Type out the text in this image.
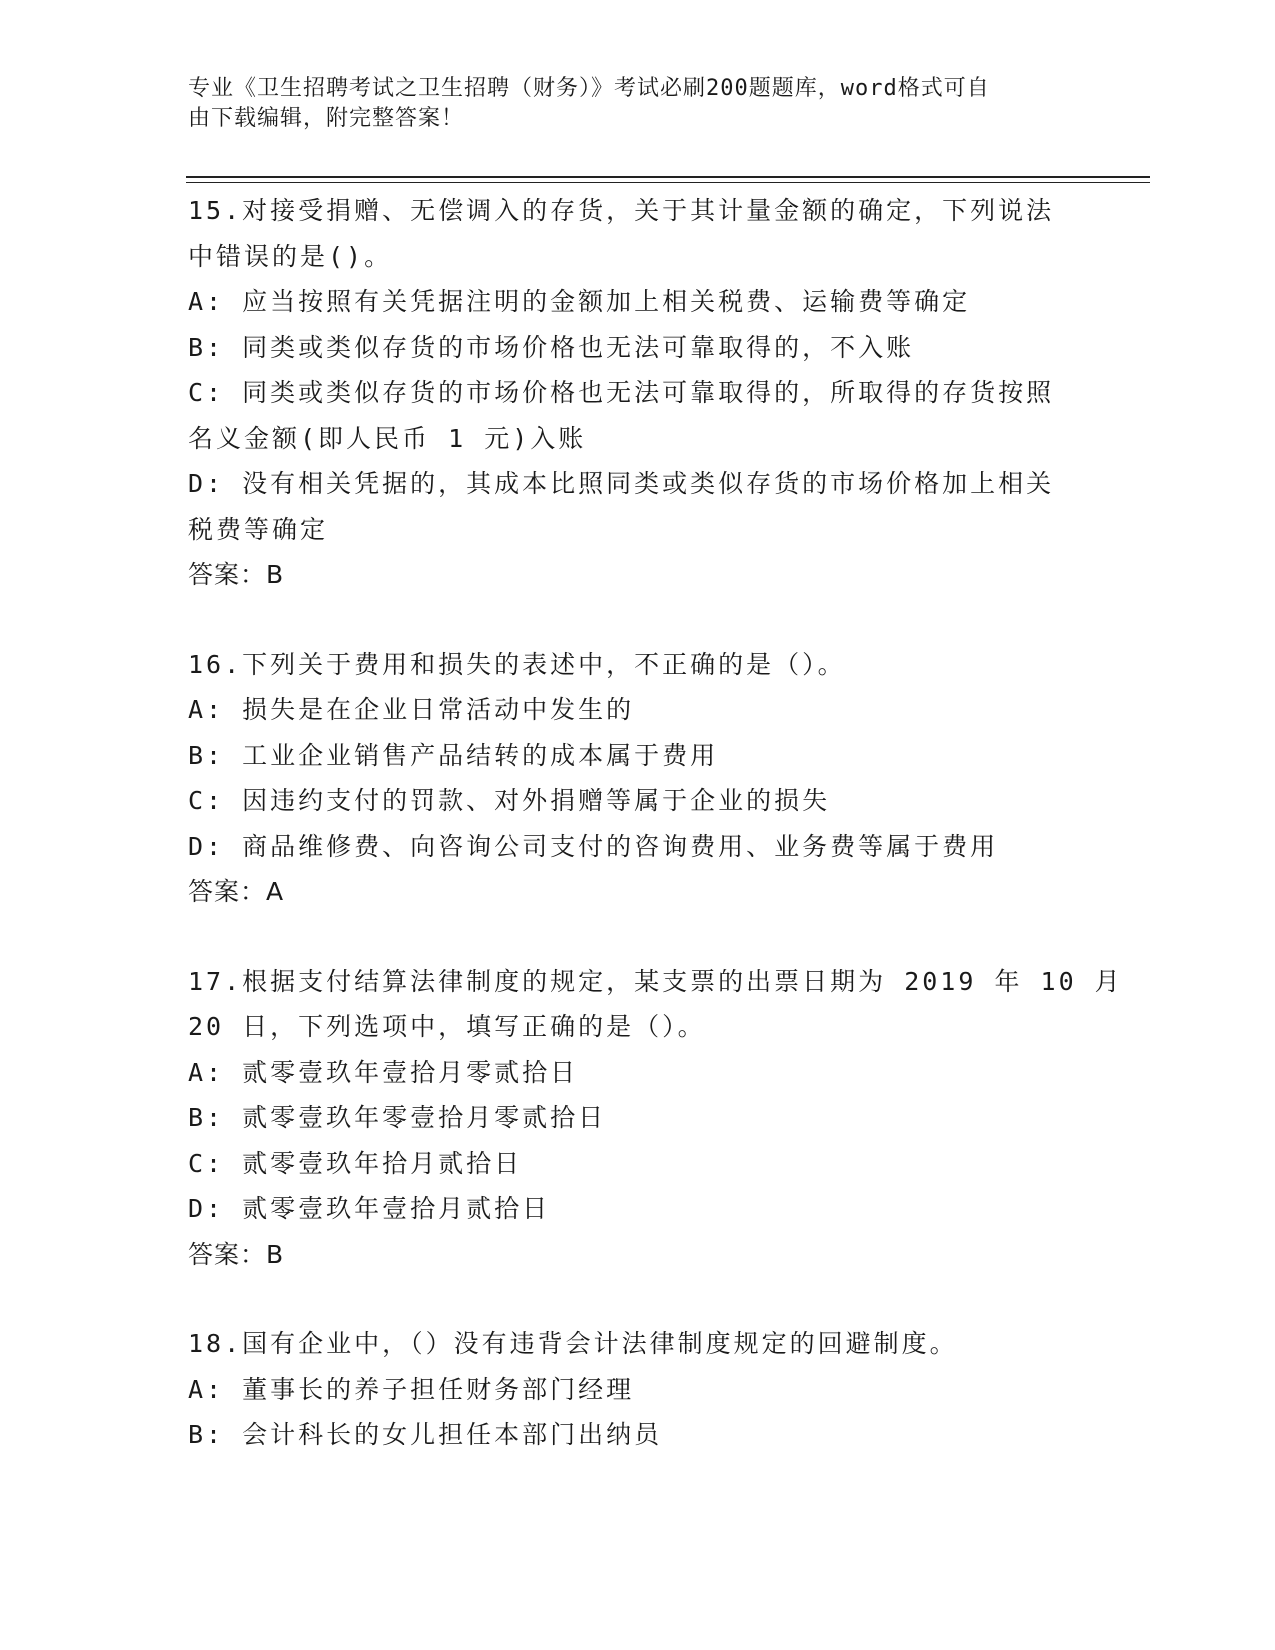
专业《卫生招聘考试之卫生招聘（财务）》考试必刷200题题库，word格式可自
由下载编辑，附完整答案！
15.对接受捐赠、无偿调入的存货，关于其计量金额的确定，下列说法
中错误的是()。
A: 应当按照有关凭据注明的金额加上相关税费、运输费等确定
B: 同类或类似存货的市场价格也无法可靠取得的，不入账
C: 同类或类似存货的市场价格也无法可靠取得的，所取得的存货按照
名义金额(即人民币 1 元)入账
D: 没有相关凭据的，其成本比照同类或类似存货的市场价格加上相关
税费等确定
答案：B
16.下列关于费用和损失的表述中，不正确的是（）。
A: 损失是在企业日常活动中发生的
B: 工业企业销售产品结转的成本属于费用
C: 因违约支付的罚款、对外捐赠等属于企业的损失
D: 商品维修费、向咨询公司支付的咨询费用、业务费等属于费用
答案：A
17.根据支付结算法律制度的规定，某支票的出票日期为 2019 年 10 月
20 日，下列选项中，填写正确的是（）。
A: 贰零壹玖年壹拾月零贰拾日
B: 贰零壹玖年零壹拾月零贰拾日
C: 贰零壹玖年拾月贰拾日
D: 贰零壹玖年壹拾月贰拾日
答案：B
18.国有企业中，（）没有违背会计法律制度规定的回避制度。
A: 董事长的养子担任财务部门经理
B: 会计科长的女儿担任本部门出纳员
